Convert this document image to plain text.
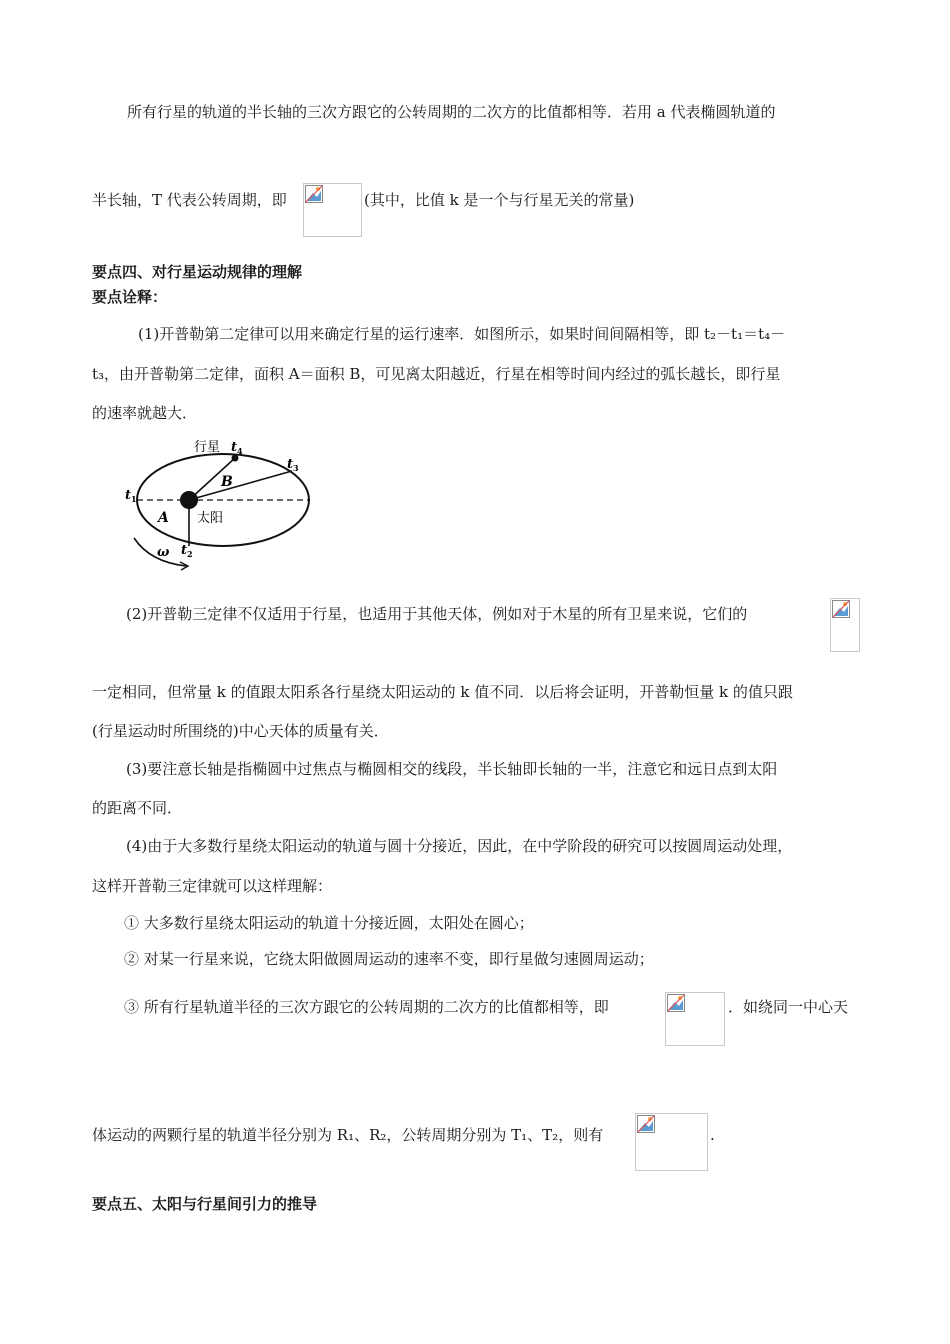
所有行星的轨道的半长轴的三次方跟它的公转周期的二次方的比值都相等．若用 a 代表椭圆轨道的
半长轴，T 代表公转周期，即	(其中，比值 k 是一个与行星无关的常量)
要点四、对行星运动规律的理解
要点诠释：
(1)开普勒第二定律可以用来确定行星的运行速率．如图所示，如果时间间隔相等，即 t₂－t₁＝t₄－
t₃，由开普勒第二定律，面积 A＝面积 B，可见离太阳越近，行星在相等时间内经过的弧长越长，即行星
的速率就越大．
行星 t 4
t 3
t 1
t 2
A
B
太阳
ω
(2)开普勒三定律不仅适用于行星，也适用于其他天体，例如对于木星的所有卫星来说，它们的
一定相同，但常量 k 的值跟太阳系各行星绕太阳运动的 k 值不同．以后将会证明，开普勒恒量 k 的值只跟
(行星运动时所围绕的)中心天体的质量有关．
(3)要注意长轴是指椭圆中过焦点与椭圆相交的线段，半长轴即长轴的一半，注意它和远日点到太阳
的距离不同．
(4)由于大多数行星绕太阳运动的轨道与圆十分接近，因此，在中学阶段的研究可以按圆周运动处理，
这样开普勒三定律就可以这样理解：
① 大多数行星绕太阳运动的轨道十分接近圆，太阳处在圆心；
② 对某一行星来说，它绕太阳做圆周运动的速率不变，即行星做匀速圆周运动；
③ 所有行星轨道半径的三次方跟它的公转周期的二次方的比值都相等，即	．如绕同一中心天
体运动的两颗行星的轨道半径分别为 R₁、R₂，公转周期分别为 T₁、T₂，则有	.
要点五、太阳与行星间引力的推导
